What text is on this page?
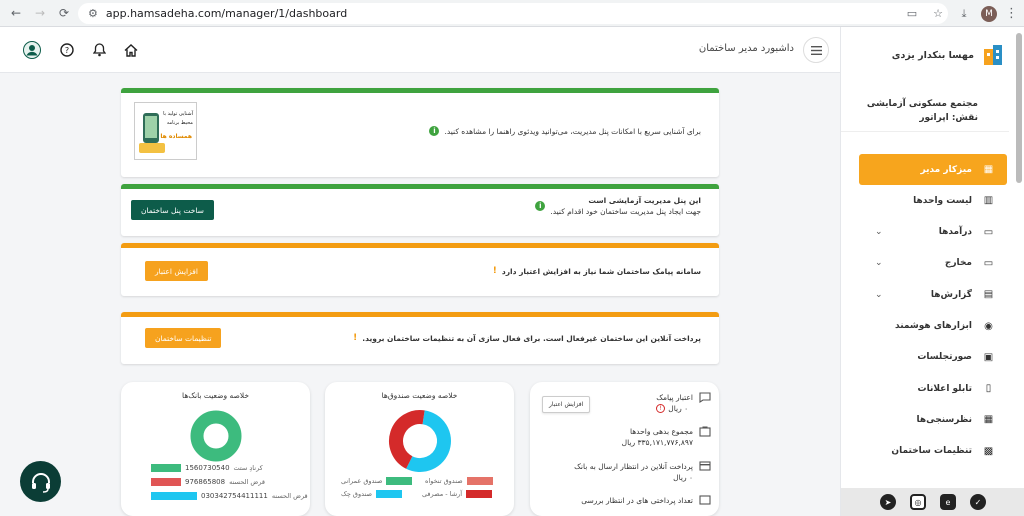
← → ⟳ ⚙ app.hamsadeha.com/manager/1/dashboard	▭	☆	⤓	M ⋮
?	داشبورد مدیر ساختمان
آشنایی توليد با
محیط برنامه
همساده ها
برای آشنایی سریع با امکانات پنل مدیریت، می‌توانید ویدئوی راهنما را مشاهده کنید.
i
ساخت پنل ساختمان
این پنل مدیریت آزمایشی است
جهت ایجاد پنل مدیریت ساختمان خود اقدام کنید.
i
افزایش اعتبار	سامانه پیامک ساختمان شما نیاز به افزایش اعتبار دارد
!
تنظیمات ساختمان	پرداخت آنلاین این ساختمان غیرفعال است. برای فعال سازی آن به تنظیمات ساختمان بروید.
!
خلاصه وضعیت بانک‌ها
1560730540 کرنادِ ستت
976865808 قرض الحسنه
030342754411111 قرض الحسنه
خلاصه وضعیت صندوق‌ها
صندوق تنخواه
صندوق عمرانی
آرشا - مصرفی
صندوق چک
اعتبار پیامک

۰ ریال
!
افزایش اعتبار
مجموع بدهی واحدها
۳۳۵,۱۷۱,۷۷۶,۸۹۷ ریال
پرداخت آنلاین در انتظار ارسال به بانک
۰ ریال
تعداد پرداختی های در انتظار بررسی
مهسا بنکدار یزدی
مجتمع مسکونی آزمایشی
نقش: اپراتور
میزکار مدیر ▦
لیست واحدها ▥
⌄	درآمدها ▭
⌄	مخارج ▭
⌄	گزارش‌ها ▤
ابزارهای هوشمند ◉
صورتجلسات ▣
تابلو اعلانات	▯
نظرسنجی‌ها ▦
تنظیمات ساختمان ▩
➤	◎	e	✓
